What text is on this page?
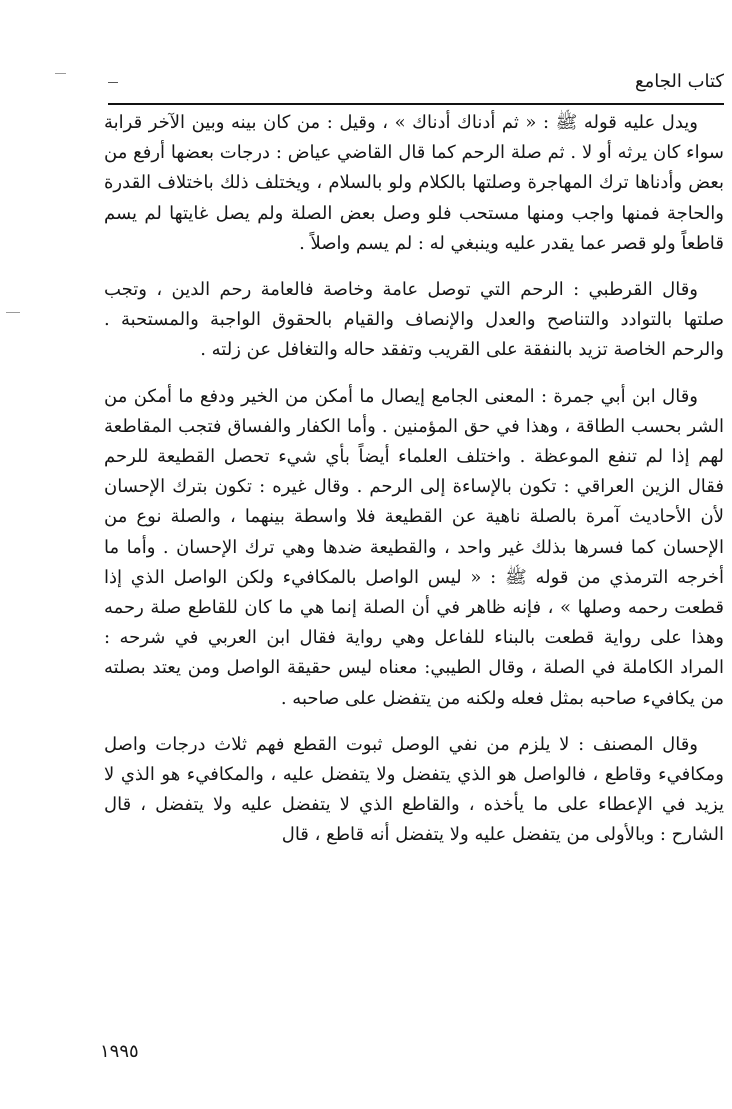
كتاب الجامع

ويدل عليه قوله ﷺ : « ثم أدناك أدناك » ، وقيل : من كان بينه وبين الآخر قرابة سواء كان يرثه أو لا . ثم صلة الرحم كما قال القاضي عياض : درجات بعضها أرفع من بعض وأدناها ترك المهاجرة وصلتها بالكلام ولو بالسلام ، ويختلف ذلك باختلاف القدرة والحاجة فمنها واجب ومنها مستحب فلو وصل بعض الصلة ولم يصل غايتها لم يسم قاطعاً ولو قصر عما يقدر عليه وينبغي له : لم يسم واصلاً .

وقال القرطبي : الرحم التي توصل عامة وخاصة فالعامة رحم الدين ، وتجب صلتها بالتوادد والتناصح والعدل والإنصاف والقيام بالحقوق الواجبة والمستحبة . والرحم الخاصة تزيد بالنفقة على القريب وتفقد حاله والتغافل عن زلته .

وقال ابن أبي جمرة : المعنى الجامع إيصال ما أمكن من الخير ودفع ما أمكن من الشر بحسب الطاقة ، وهذا في حق المؤمنين . وأما الكفار والفساق فتجب المقاطعة لهم إذا لم تنفع الموعظة . واختلف العلماء أيضاً بأي شيء تحصل القطيعة للرحم فقال الزين العراقي : تكون بالإساءة إلى الرحم . وقال غيره : تكون بترك الإحسان لأن الأحاديث آمرة بالصلة ناهية عن القطيعة فلا واسطة بينهما ، والصلة نوع من الإحسان كما فسرها بذلك غير واحد ، والقطيعة ضدها وهي ترك الإحسان . وأما ما أخرجه الترمذي من قوله ﷺ : « ليس الواصل بالمكافيء ولكن الواصل الذي إذا قطعت رحمه وصلها » ، فإنه ظاهر في أن الصلة إنما هي ما كان للقاطع صلة رحمه وهذا على رواية قطعت بالبناء للفاعل وهي رواية فقال ابن العربي في شرحه : المراد الكاملة في الصلة ، وقال الطيبي: معناه ليس حقيقة الواصل ومن يعتد بصلته من يكافيء صاحبه بمثل فعله ولكنه من يتفضل على صاحبه .

وقال المصنف : لا يلزم من نفي الوصل ثبوت القطع فهم ثلاث درجات واصل ومكافيء وقاطع ، فالواصل هو الذي يتفضل ولا يتفضل عليه ، والمكافيء هو الذي لا يزيد في الإعطاء على ما يأخذه ، والقاطع الذي لا يتفضل عليه ولا يتفضل ، قال الشارح : وبالأولى من يتفضل عليه ولا يتفضل أنه قاطع ، قال

١٩٩٥
